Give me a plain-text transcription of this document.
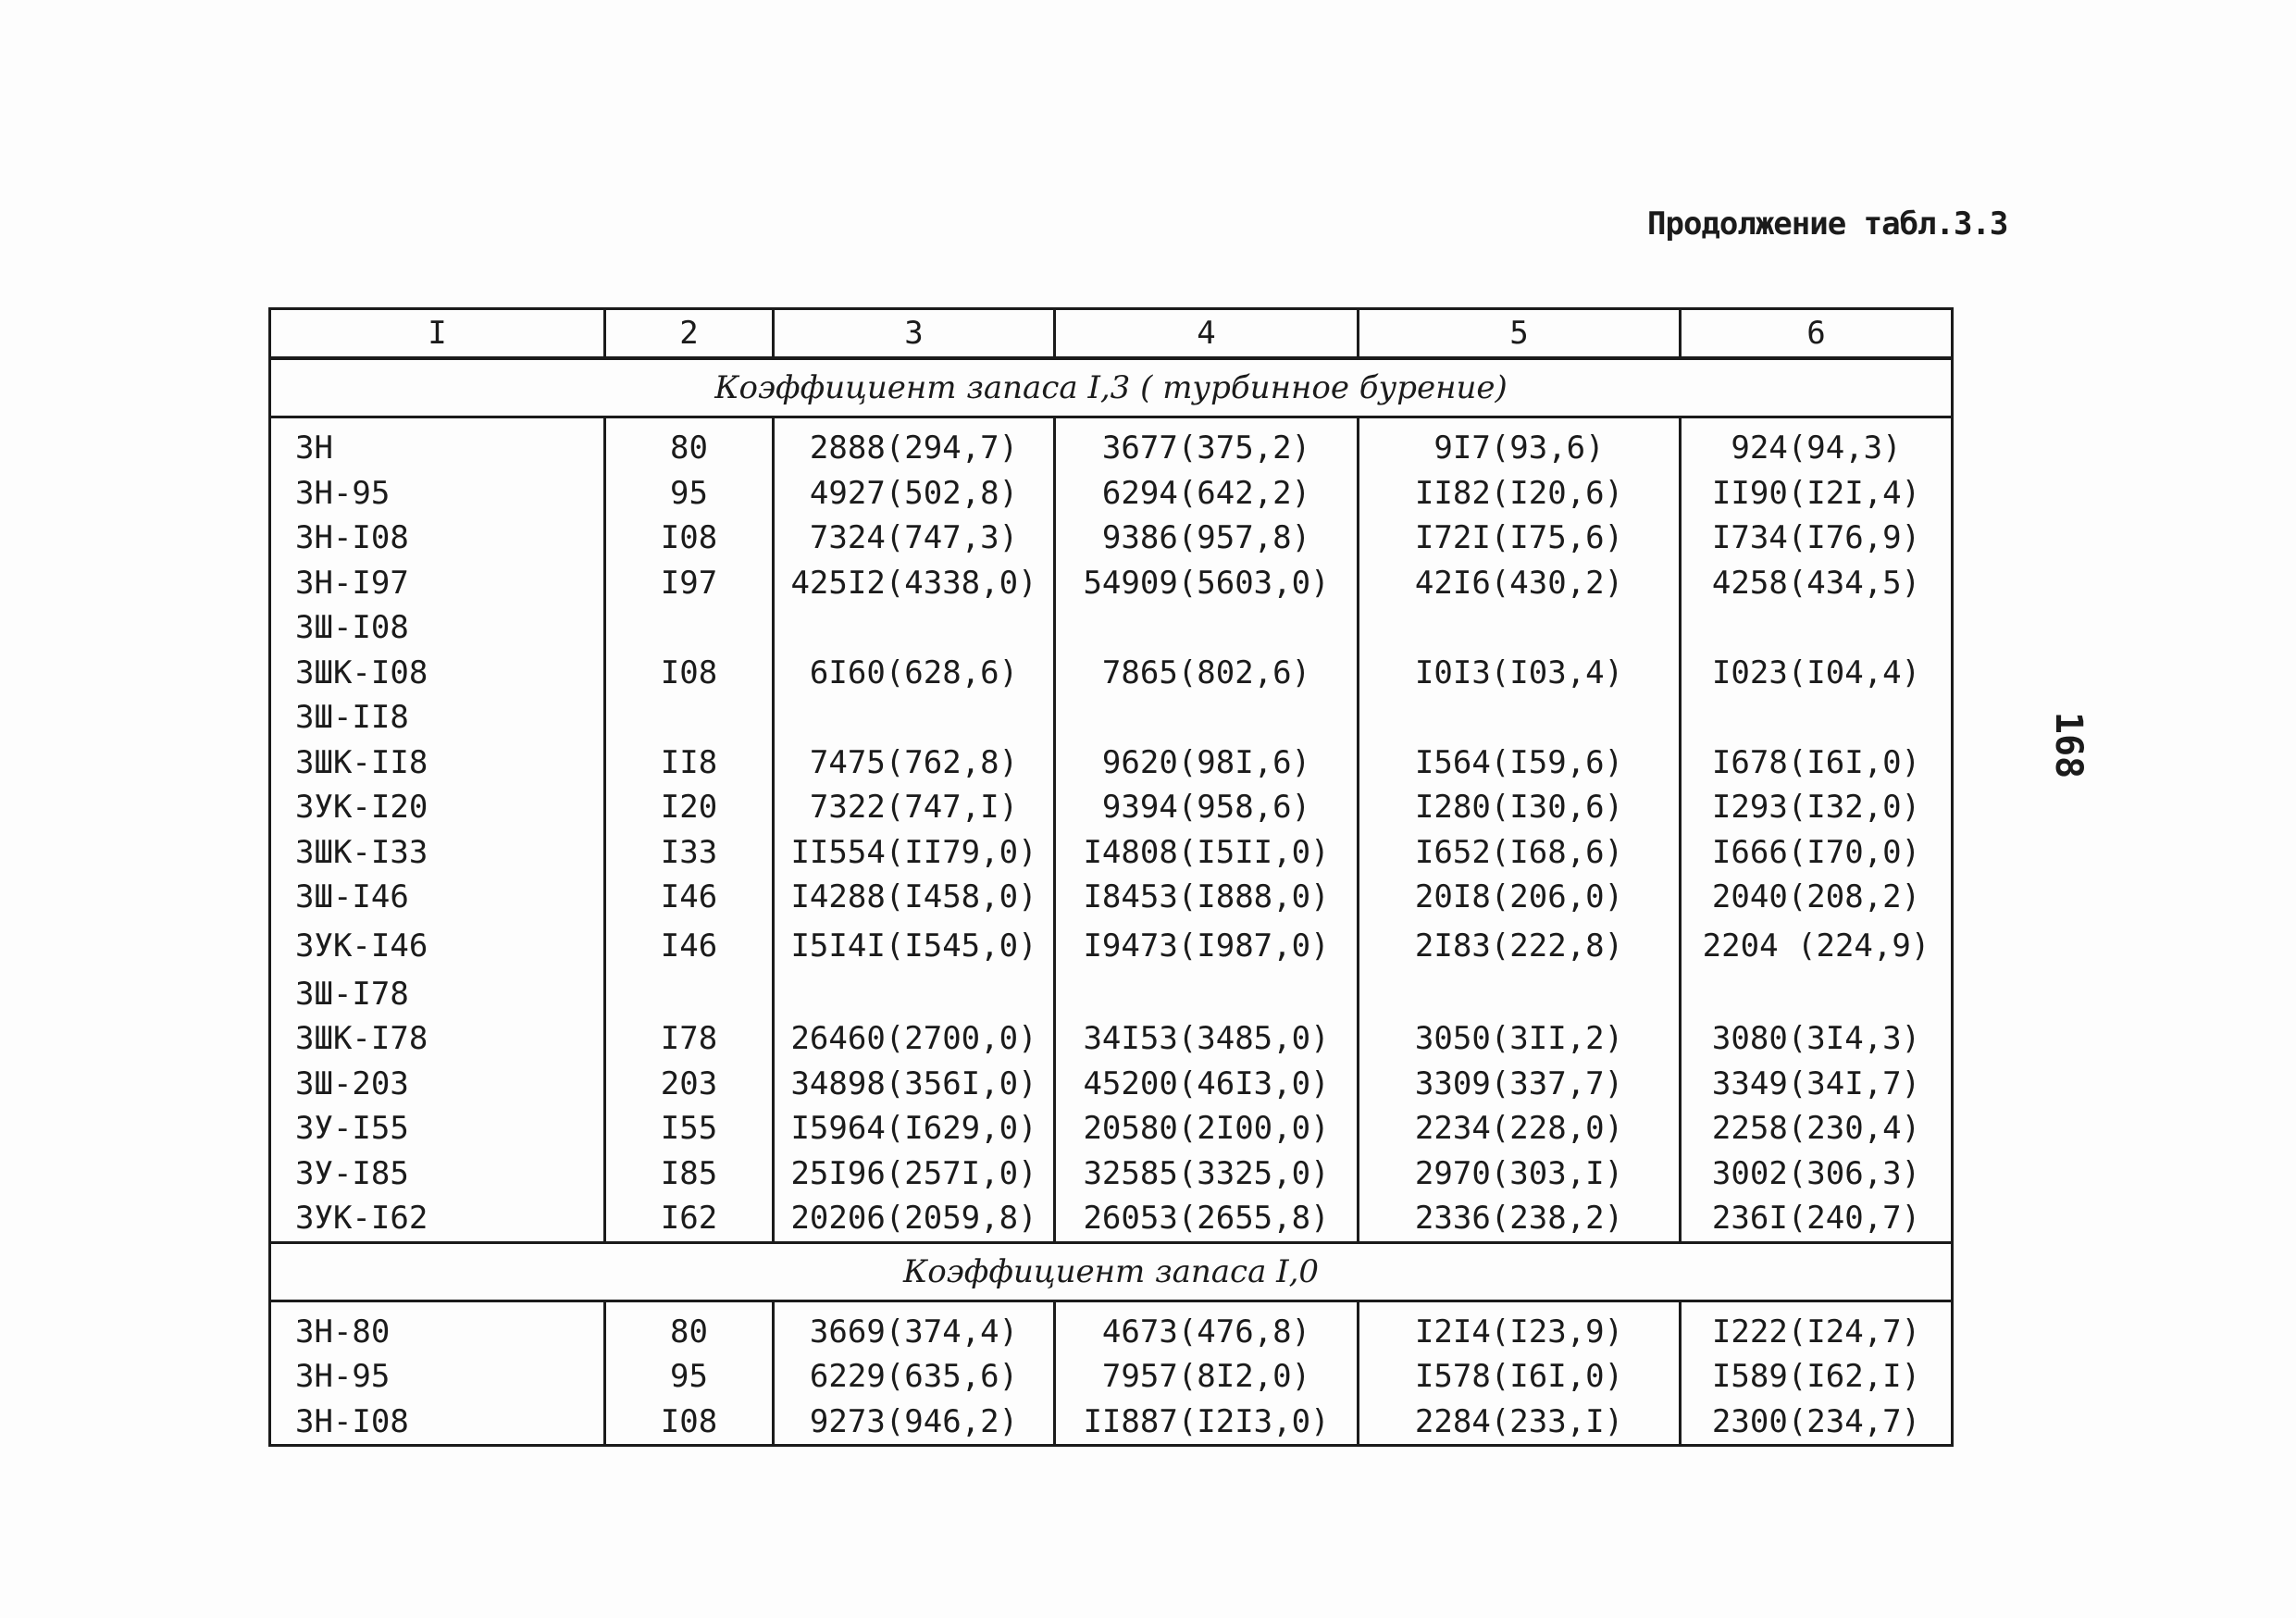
Продолжение табл.3.3
168
I	2	3	4	5	6
Коэффициент запаса I,3 ( турбинное бурение)					
3Н	80	2888(294,7)	3677(375,2)	9I7(93,6)	924(94,3)
3Н-95	95	4927(502,8)	6294(642,2)	II82(I20,6)	II90(I2I,4)
3Н-I08	I08	7324(747,3)	9386(957,8)	I72I(I75,6)	I734(I76,9)
3Н-I97	I97	425I2(4338,0)	54909(5603,0)	42I6(430,2)	4258(434,5)
3Ш-I08					
3ШК-I08	I08	6I60(628,6)	7865(802,6)	I0I3(I03,4)	I023(I04,4)
3Ш-II8					
3ШК-II8	II8	7475(762,8)	9620(98I,6)	I564(I59,6)	I678(I6I,0)
3УК-I20	I20	7322(747,I)	9394(958,6)	I280(I30,6)	I293(I32,0)
3ШК-I33	I33	II554(II79,0)	I4808(I5II,0)	I652(I68,6)	I666(I70,0)
3Ш-I46	I46	I4288(I458,0)	I8453(I888,0)	20I8(206,0)	2040(208,2)
3УК-I46	I46	I5I4I(I545,0)	I9473(I987,0)	2I83(222,8)	2204 (224,9)
3Ш-I78					
3ШК-I78	I78	26460(2700,0)	34I53(3485,0)	3050(3II,2)	3080(3I4,3)
3Ш-203	203	34898(356I,0)	45200(46I3,0)	3309(337,7)	3349(34I,7)
3У-I55	I55	I5964(I629,0)	20580(2I00,0)	2234(228,0)	2258(230,4)
3У-I85	I85	25I96(257I,0)	32585(3325,0)	2970(303,I)	3002(306,3)
3УК-I62	I62	20206(2059,8)	26053(2655,8)	2336(238,2)	236I(240,7)
Коэффициент запаса I,0					
3Н-80	80	3669(374,4)	4673(476,8)	I2I4(I23,9)	I222(I24,7)
3Н-95	95	6229(635,6)	7957(8I2,0)	I578(I6I,0)	I589(I62,I)
3Н-I08	I08	9273(946,2)	II887(I2I3,0)	2284(233,I)	2300(234,7)
